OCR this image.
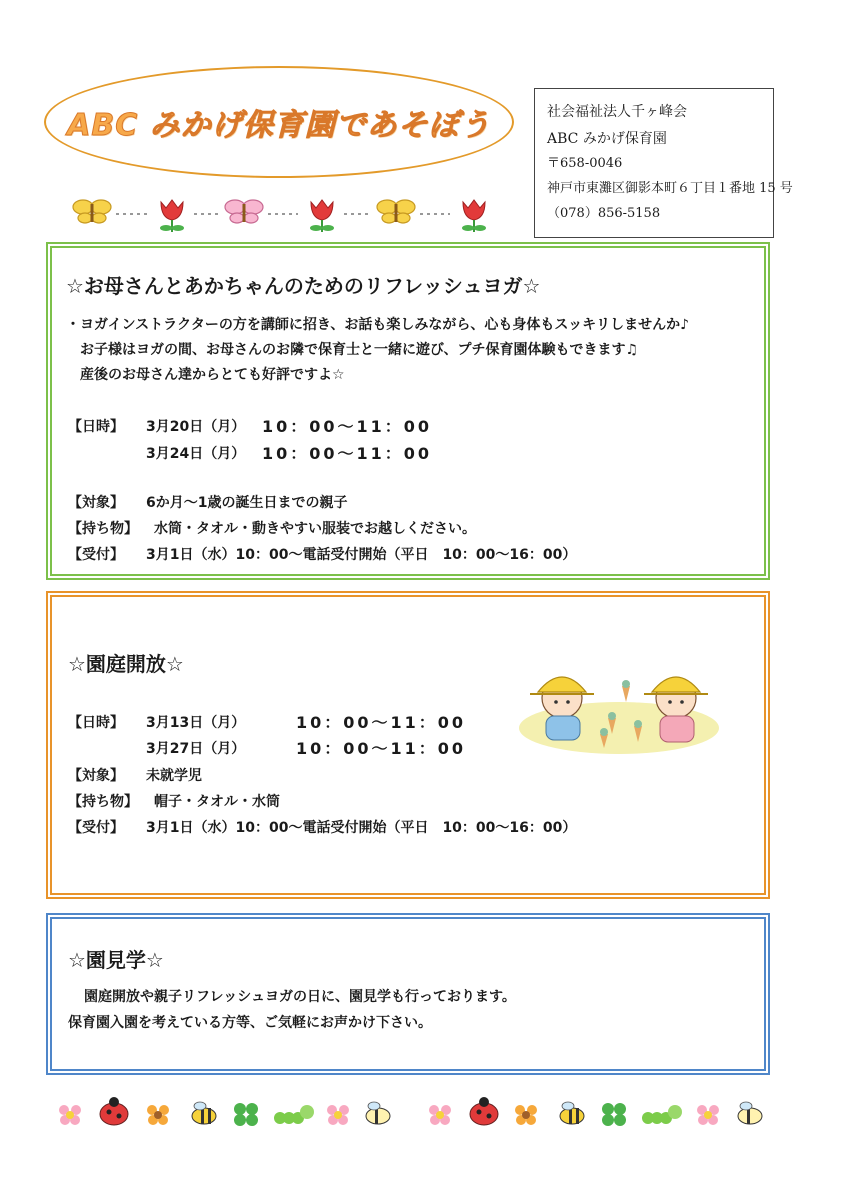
ABC みかげ保育園であそぼう	社会福祉法人千ヶ峰会
ABC みかげ保育園
〒658-0046
神戸市東灘区御影本町６丁目１番地 15 号
（078）856-5158
☆お母さんとあかちゃんのためのリフレッシュヨガ☆
・ヨガインストラクターの方を講師に招き、お話も楽しみながら、心も身体もスッキリしませんか♪
お子様はヨガの間、お母さんのお隣で保育士と一緒に遊び、プチ保育園体験もできます♫
産後のお母さん達からとても好評ですよ☆
【日時】 3月20日（月） 10：00～11：00
3月24日（月） 10：00～11：00
【対象】 6か月～1歳の誕生日までの親子
【持ち物】 水筒・タオル・動きやすい服装でお越しください。
【受付】 3月1日（水）10：00～電話受付開始（平日　10：00～16：00）
☆園庭開放☆
【日時】 3月13日（月）	10：00～11：00
3月27日（月）	10：00～11：00
【対象】 未就学児
【持ち物】 帽子・タオル・水筒
【受付】 3月1日（水）10：00～電話受付開始（平日　10：00～16：00）
☆園見学☆
園庭開放や親子リフレッシュヨガの日に、園見学も行っております。
保育園入園を考えている方等、ご気軽にお声かけ下さい。
